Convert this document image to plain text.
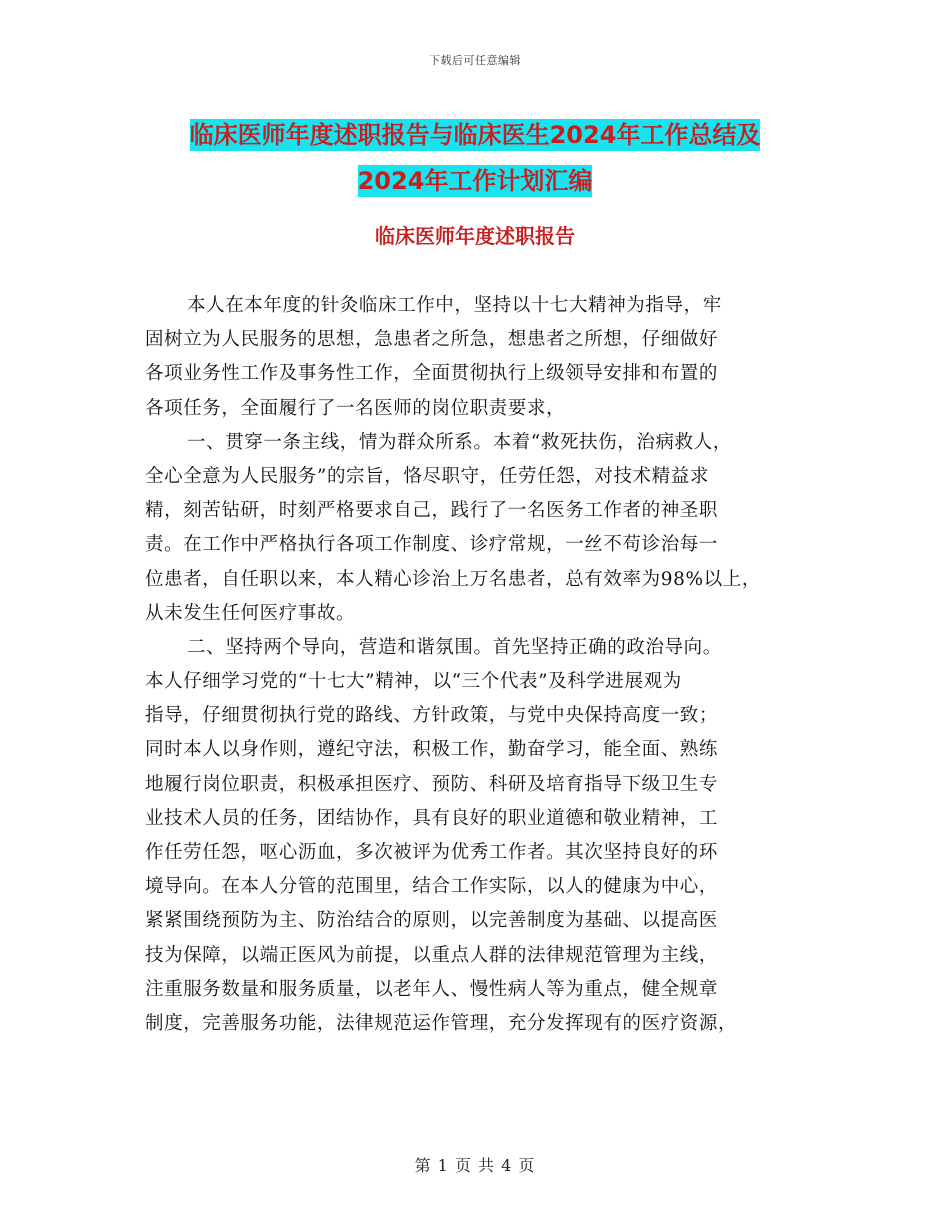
下载后可任意编辑
临床医师年度述职报告与临床医生2024年工作总结及
2024年工作计划汇编
临床医师年度述职报告
本人在本年度的针灸临床工作中，坚持以十七大精神为指导，牢
固树立为人民服务的思想，急患者之所急，想患者之所想，仔细做好
各项业务性工作及事务性工作，全面贯彻执行上级领导安排和布置的
各项任务，全面履行了一名医师的岗位职责要求，
一、贯穿一条主线，情为群众所系。本着“救死扶伤，治病救人，
全心全意为人民服务”的宗旨，恪尽职守，任劳任怨，对技术精益求
精，刻苦钻研，时刻严格要求自己，践行了一名医务工作者的神圣职
责。在工作中严格执行各项工作制度、诊疗常规，一丝不苟诊治每一
位患者，自任职以来，本人精心诊治上万名患者，总有效率为98%以上，
从未发生任何医疗事故。
二、坚持两个导向，营造和谐氛围。首先坚持正确的政治导向。
本人仔细学习党的“十七大”精神，以“三个代表”及科学进展观为
指导，仔细贯彻执行党的路线、方针政策，与党中央保持高度一致；
同时本人以身作则，遵纪守法，积极工作，勤奋学习，能全面、熟练
地履行岗位职责，积极承担医疗、预防、科研及培育指导下级卫生专
业技术人员的任务，团结协作，具有良好的职业道德和敬业精神，工
作任劳任怨，呕心沥血，多次被评为优秀工作者。其次坚持良好的环
境导向。在本人分管的范围里，结合工作实际，以人的健康为中心，
紧紧围绕预防为主、防治结合的原则，以完善制度为基础、以提高医
技为保障，以端正医风为前提，以重点人群的法律规范管理为主线，
注重服务数量和服务质量，以老年人、慢性病人等为重点，健全规章
制度，完善服务功能，法律规范运作管理，充分发挥现有的医疗资源，
第 1 页 共 4 页
